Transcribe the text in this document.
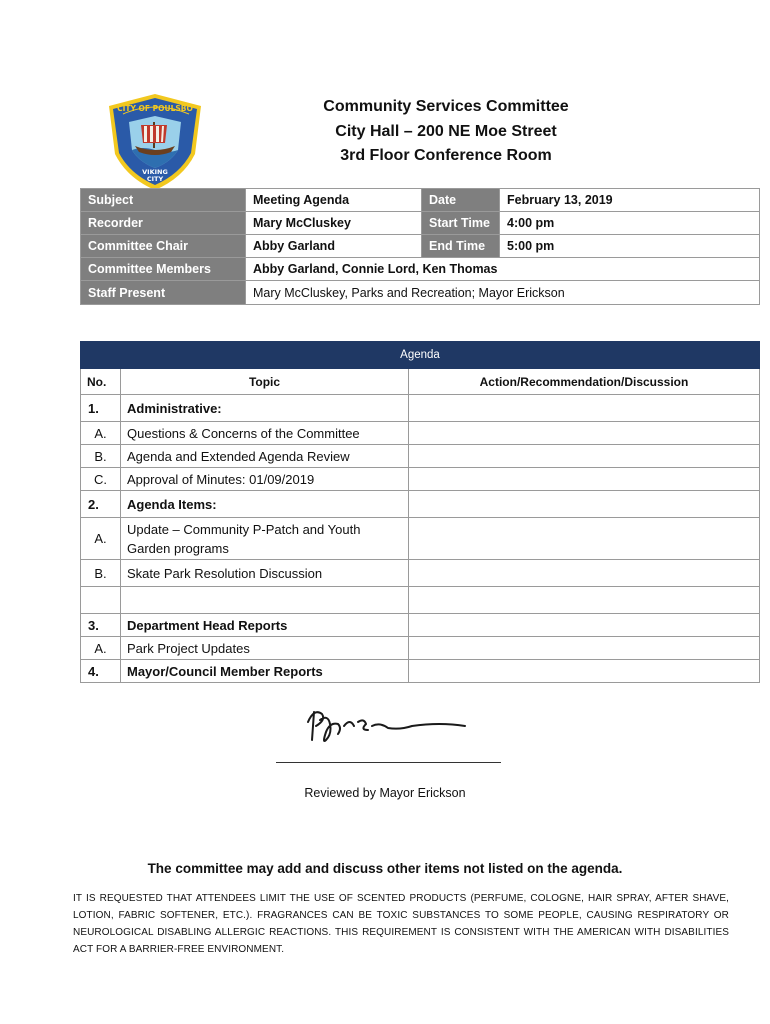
CITY OF POULSBO
VIKING
CITY
Community Services Committee
City Hall – 200 NE Moe Street
3rd Floor Conference Room
Subject	Meeting Agenda	Date	February 13, 2019
Recorder	Mary McCluskey	Start Time	4:00 pm
Committee Chair	Abby Garland	End Time	5:00 pm
Committee Members	Abby Garland, Connie Lord, Ken Thomas		
Staff Present	Mary McCluskey, Parks and Recreation; Mayor Erickson		
Agenda		
No.	Topic	Action/Recommendation/Discussion
1.	Administrative:	
A.	Questions & Concerns of the Committee	
B.	Agenda and Extended Agenda Review	
C.	Approval of Minutes: 01/09/2019	
2.	Agenda Items:	
A.	Update – Community P-Patch and Youth Garden programs	
B.	Skate Park Resolution Discussion	

3.	Department Head Reports	
A.	Park Project Updates	
4.	Mayor/Council Member Reports	
Reviewed by Mayor Erickson
The committee may add and discuss other items not listed on the agenda.
IT IS REQUESTED THAT ATTENDEES LIMIT THE USE OF SCENTED PRODUCTS (PERFUME, COLOGNE, HAIR SPRAY, AFTER SHAVE, LOTION, FABRIC SOFTENER, ETC.). FRAGRANCES CAN BE TOXIC SUBSTANCES TO SOME PEOPLE, CAUSING RESPIRATORY OR NEUROLOGICAL DISABLING ALLERGIC REACTIONS. THIS REQUIREMENT IS CONSISTENT WITH THE AMERICAN WITH DISABILITIES ACT FOR A BARRIER-FREE ENVIRONMENT.
